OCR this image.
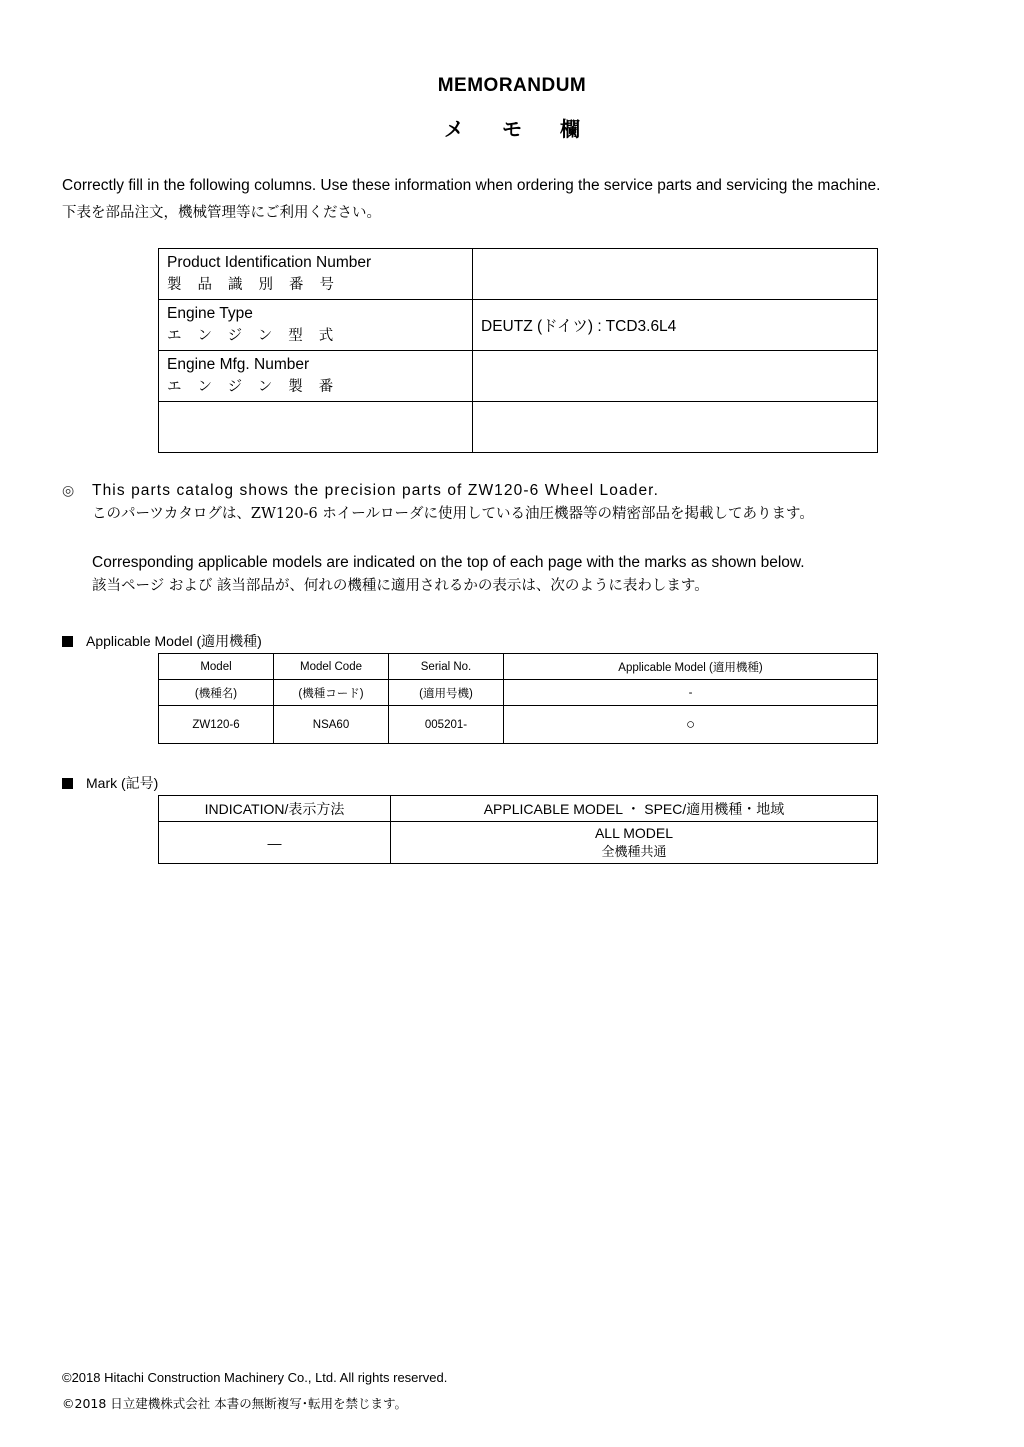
MEMORANDUM
メモ欄
Correctly fill in the following columns. Use these information when ordering the service parts and servicing the machine.
下表を部品注文，機械管理等にご利用ください。
Product Identification Number
製品識別番号	

Engine Type
エンジン型式	DEUTZ (ドイツ) : TCD3.6L4

Engine Mfg. Number
エンジン製番	

◎	This parts catalog shows the precision parts of ZW120-6 Wheel Loader.
このパーツカタログは、ZW120-6 ホイールローダに使用している油圧機器等の精密部品を掲載してあります。
Corresponding applicable models are indicated on the top of each page with the marks as shown below.
該当ページ および 該当部品が、何れの機種に適用されるかの表示は、次のように表わします。
Applicable Model (適用機種)
Model	Model Code	Serial No.	Applicable Model (適用機種)
(機種名)	(機種コード)	(適用号機)	-
ZW120-6	NSA60	005201-	○
Mark (記号)
INDICATION/表示方法	APPLICABLE MODEL ・ SPEC/適用機種・地域
—	ALL MODEL
全機種共通
©2018 Hitachi Construction Machinery Co., Ltd. All rights reserved.
©2018 日立建機株式会社 本書の無断複写･転用を禁じます。
